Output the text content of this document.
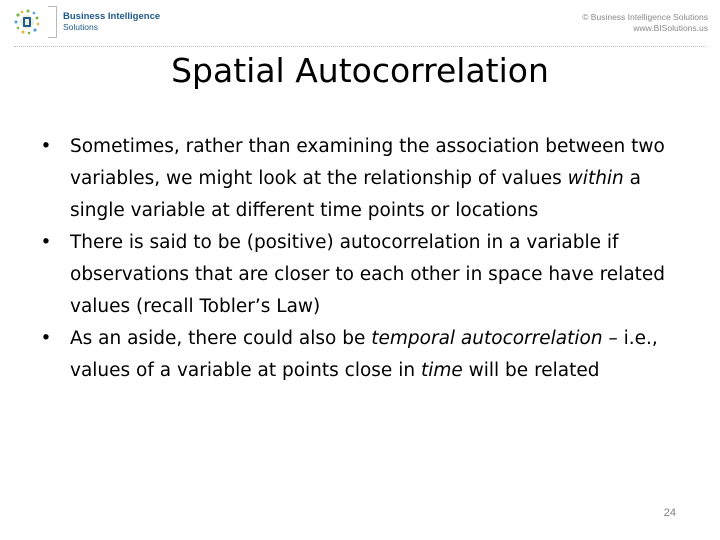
Business Intelligence
Solutions
© Business Intelligence Solutions
www.BISolutions.us
Spatial Autocorrelation
• Sometimes, rather than examining the association between two variables, we might look at the relationship of values within a single variable at different time points or locations
• There is said to be (positive) autocorrelation in a variable if observations that are closer to each other in space have related values (recall Tobler’s Law)
• As an aside, there could also be temporal autocorrelation – i.e., values of a variable at points close in time will be related
24
